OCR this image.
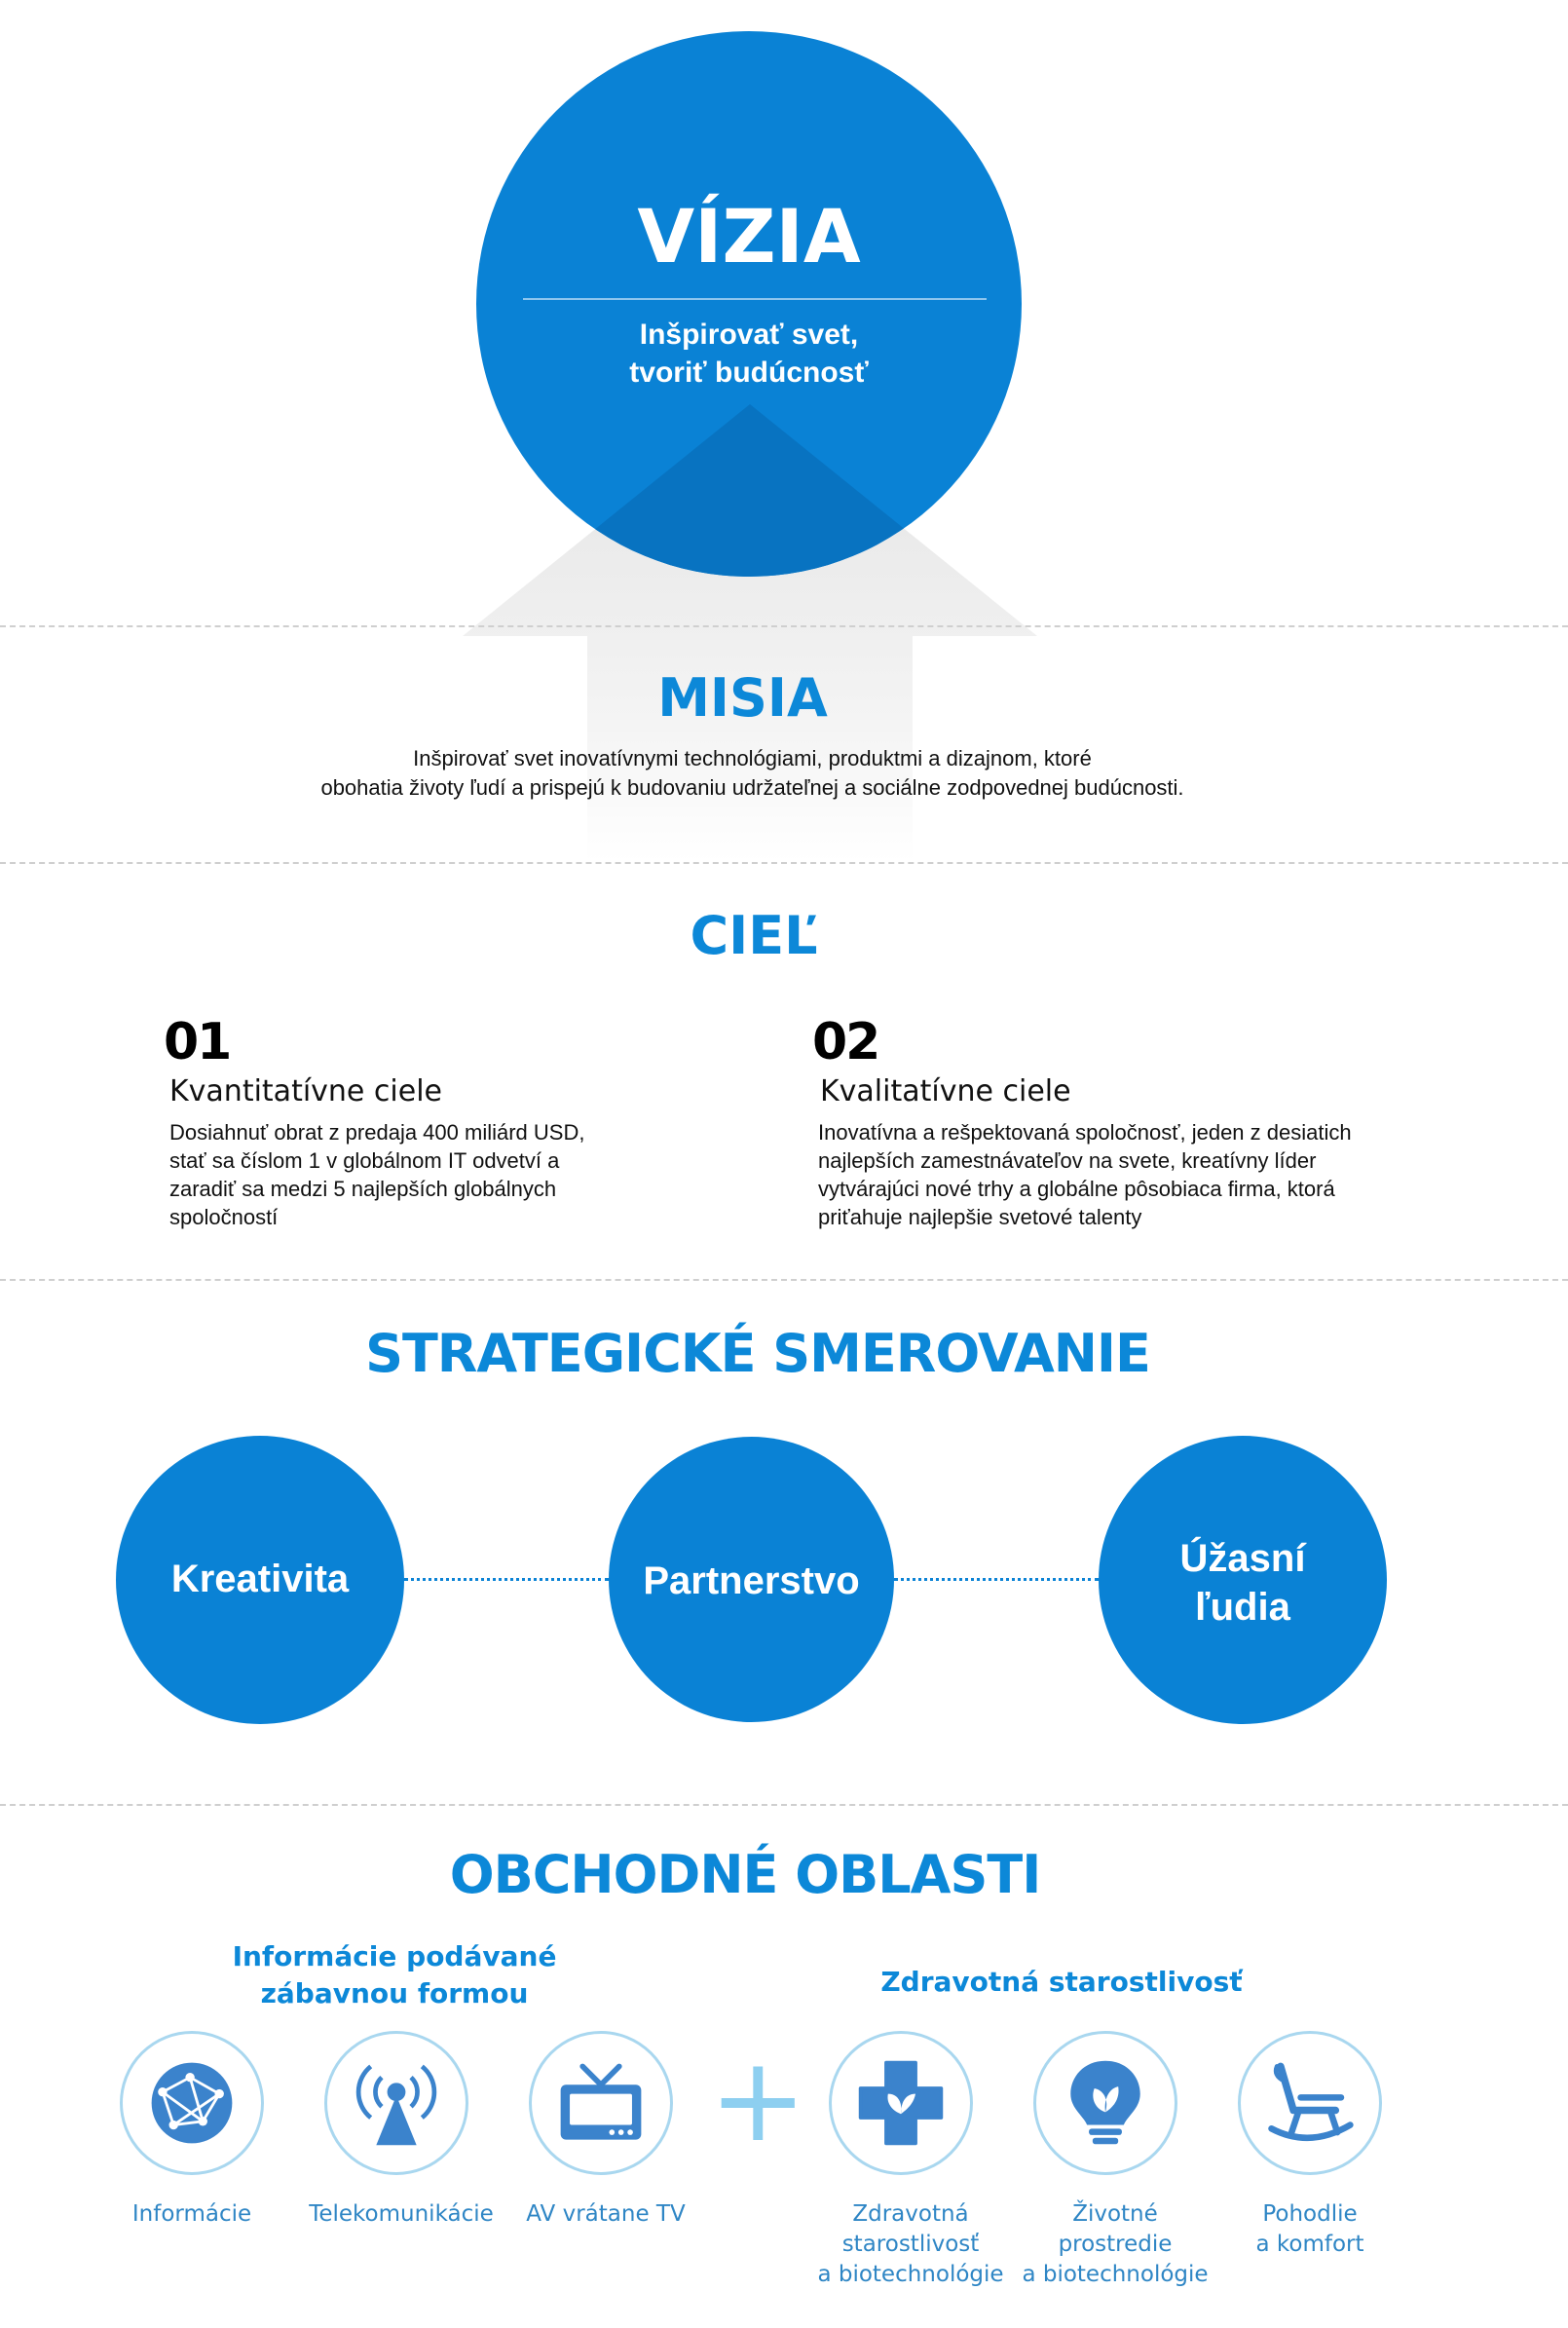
VÍZIA
Inšpirovať svet,
tvoriť budúcnosť
MISIA
Inšpirovať svet inovatívnymi technológiami, produktmi a dizajnom, ktoré
obohatia životy ľudí a prispejú k budovaniu udržateľnej a sociálne zodpovednej budúcnosti.
CIEĽ
01
Kvantitatívne ciele
Dosiahnuť obrat z predaja 400 miliárd USD,
stať sa číslom 1 v globálnom IT odvetví a
zaradiť sa medzi 5 najlepších globálnych
spoločností
02
Kvalitatívne ciele
Inovatívna a rešpektovaná spoločnosť, jeden z desiatich
najlepších zamestnávateľov na svete, kreatívny líder
vytvárajúci nové trhy a globálne pôsobiaca firma, ktorá
priťahuje najlepšie svetové talenty
STRATEGICKÉ SMEROVANIE
Kreativita	Partnerstvo
Úžasní
ľudia
OBCHODNÉ OBLASTI
Informácie podávané
zábavnou formou	Zdravotná starostlivosť
+
Informácie	Telekomunikácie	AV vrátane TV	Zdravotná
starostlivosť
a biotechnológie
Životné
prostredie
a biotechnológie
Pohodlie
a komfort
